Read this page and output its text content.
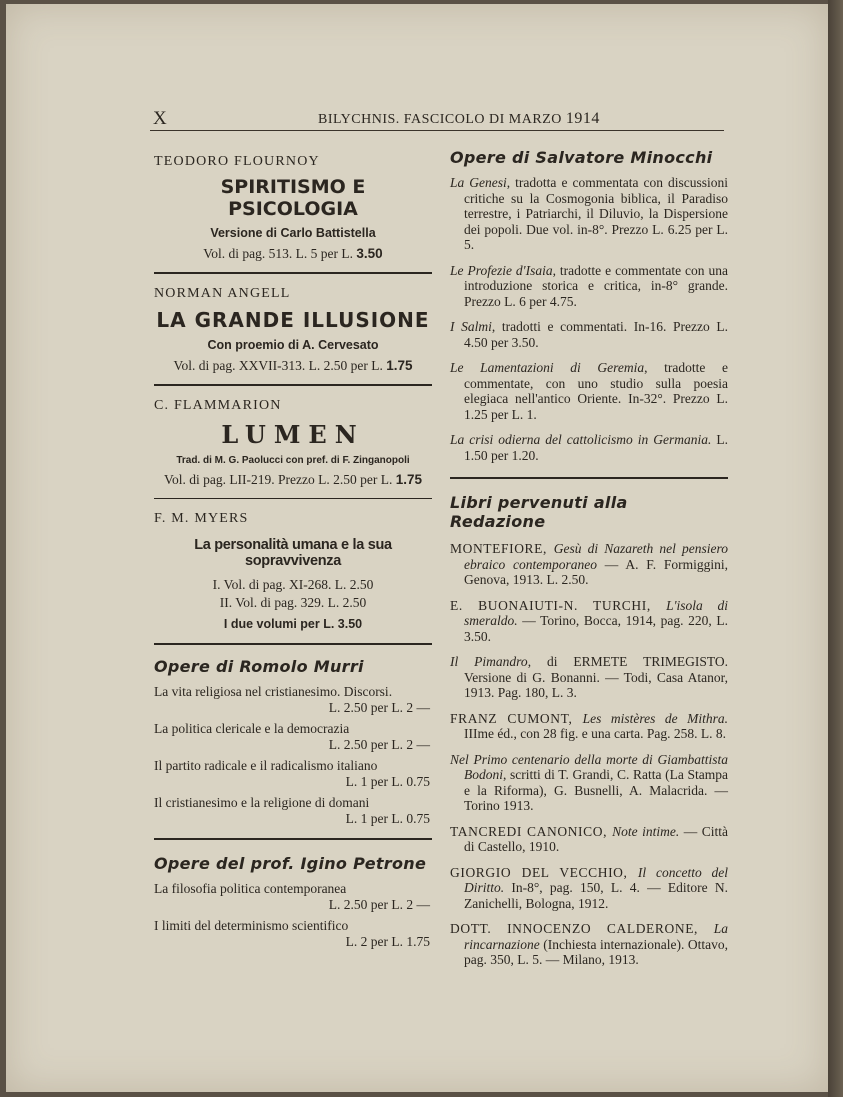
X	BILYCHNIS. FASCICOLO DI MARZO 1914
TEODORO FLOURNOY
SPIRITISMO E PSICOLOGIA
Versione di Carlo Battistella
Vol. di pag. 513. L. 5 per L. 3.50
NORMAN ANGELL
LA GRANDE ILLUSIONE
Con proemio di A. Cervesato
Vol. di pag. XXVII-313. L. 2.50 per L. 1.75
C. FLAMMARION
LUMEN
Trad. di M. G. Paolucci con pref. di F. Zinganopoli
Vol. di pag. LII-219. Prezzo L. 2.50 per L. 1.75
F. M. MYERS
La personalità umana e la sua sopravvivenza
I. Vol. di pag. XI-268. L. 2.50
II. Vol. di pag. 329. L. 2.50
I due volumi per L. 3.50
Opere di Romolo Murri
La vita religiosa nel cristianesimo. Discorsi.
L. 2.50 per L. 2 —
La politica clericale e la democrazia
L. 2.50 per L. 2 —
Il partito radicale e il radicalismo italiano
L. 1 per L. 0.75
Il cristianesimo e la religione di domani
L. 1 per L. 0.75
Opere del prof. Igino Petrone
La filosofia politica contemporanea
L. 2.50 per L. 2 —
I limiti del determinismo scientifico
L. 2 per L. 1.75
Opere di Salvatore Minocchi
La Genesi, tradotta e commentata con discussioni critiche su la Cosmogonia biblica, il Paradiso terrestre, i Patriarchi, il Diluvio, la Dispersione dei popoli. Due vol. in-8°. Prezzo L. 6.25 per L. 5.
Le Profezie d'Isaia, tradotte e commentate con una introduzione storica e critica, in-8° grande. Prezzo L. 6 per 4.75.
I Salmi, tradotti e commentati. In-16. Prezzo L. 4.50 per 3.50.
Le Lamentazioni di Geremia, tradotte e commentate, con uno studio sulla poesia elegiaca nell'antico Oriente. In-32°. Prezzo L. 1.25 per L. 1.
La crisi odierna del cattolicismo in Germania. L. 1.50 per 1.20.
Libri pervenuti alla Redazione
MONTEFIORE, Gesù di Nazareth nel pensiero ebraico contemporaneo — A. F. Formiggini, Genova, 1913. L. 2.50.
E. BUONAIUTI-N. TURCHI, L'isola di smeraldo. — Torino, Bocca, 1914, pag. 220, L. 3.50.
Il Pimandro, di ERMETE TRIMEGISTO. Versione di G. Bonanni. — Todi, Casa Atanor, 1913. Pag. 180, L. 3.
FRANZ CUMONT, Les mistères de Mithra. IIIme éd., con 28 fig. e una carta. Pag. 258. L. 8.
Nel Primo centenario della morte di Giambattista Bodoni, scritti di T. Grandi, C. Ratta (La Stampa e la Riforma), G. Busnelli, A. Malacrida. — Torino 1913.
TANCREDI CANONICO, Note intime. — Città di Castello, 1910.
GIORGIO DEL VECCHIO, Il concetto del Diritto. In-8°, pag. 150, L. 4. — Editore N. Zanichelli, Bologna, 1912.
DOTT. INNOCENZO CALDERONE, La rincarnazione (Inchiesta internazionale). Ottavo, pag. 350, L. 5. — Milano, 1913.
